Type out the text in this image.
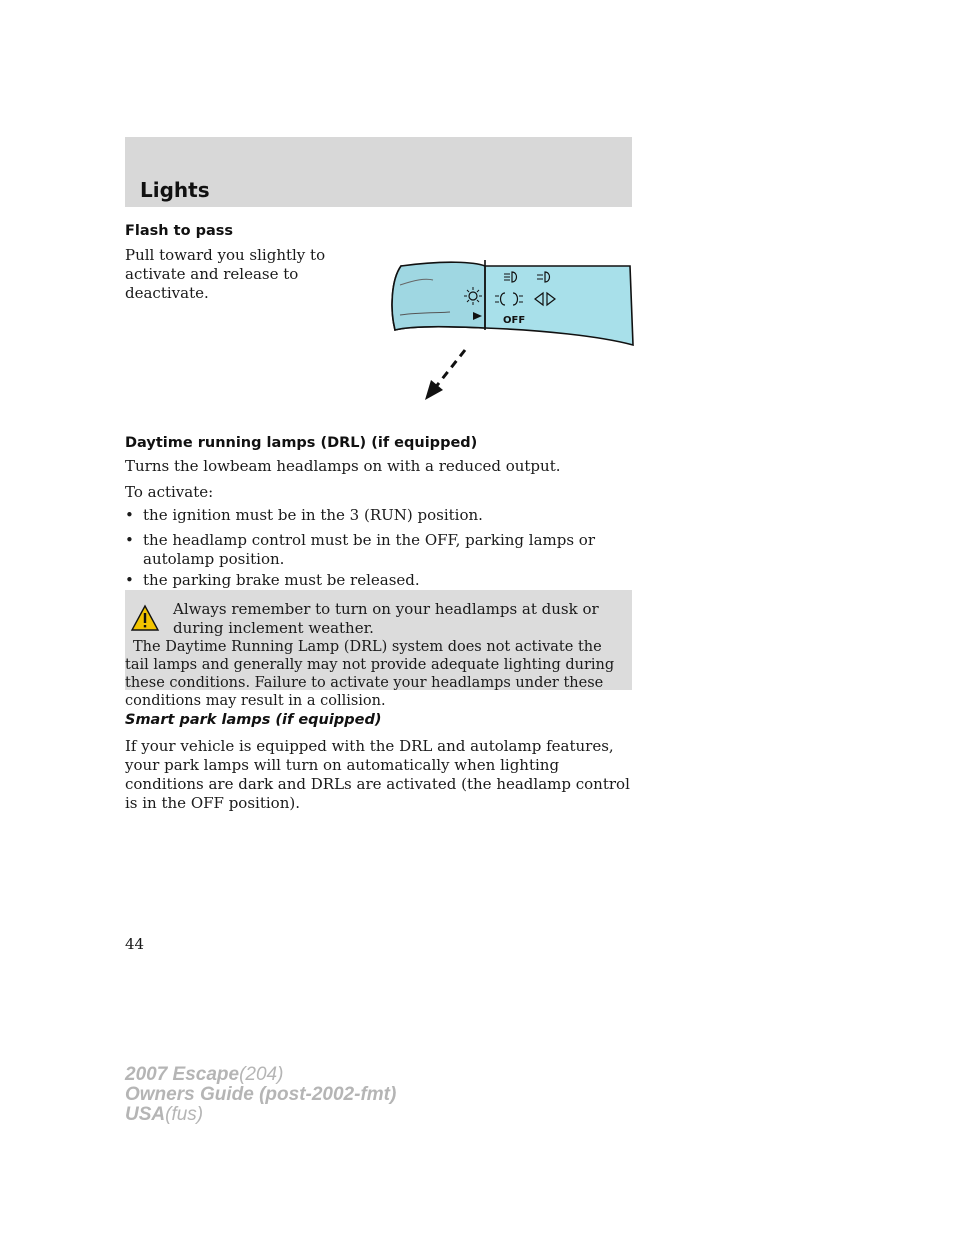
Lights
Flash to pass
Pull toward you slightly to activate and release to deactivate.
OFF
Daytime running lamps (DRL) (if equipped)
Turns the lowbeam headlamps on with a reduced output.
To activate:
• the ignition must be in the 3 (RUN) position.
• the headlamp control must be in the OFF, parking lamps or autolamp position.
• the parking brake must be released.
Always remember to turn on your headlamps at dusk or during inclement weather.
The Daytime Running Lamp (DRL) system does not activate the tail lamps and generally may not provide adequate lighting during these conditions. Failure to activate your headlamps under these conditions may result in a collision.
Smart park lamps (if equipped)
If your vehicle is equipped with the DRL and autolamp features, your park lamps will turn on automatically when lighting conditions are dark and DRLs are activated (the headlamp control is in the OFF position).
44
2007 Escape(204)
Owners Guide (post-2002-fmt)
USA(fus)
